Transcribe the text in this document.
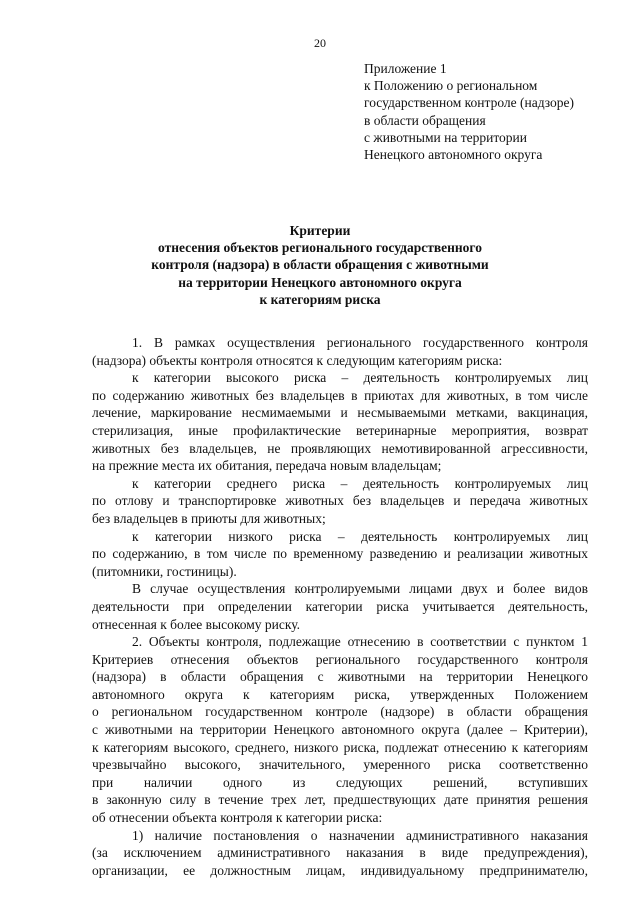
20
Приложение 1
к Положению о региональном
государственном контроле (надзоре)
в области обращения
с животными на территории
Ненецкого автономного округа
Критерии
отнесения объектов регионального государственного
контроля (надзора) в области обращения с животными
на территории Ненецкого автономного округа
к категориям риска
1. В рамках осуществления регионального государственного контроля
(надзора) объекты контроля относятся к следующим категориям риска:
к категории высокого риска – деятельность контролируемых лиц
по содержанию животных без владельцев в приютах для животных, в том числе
лечение, маркирование несмимаемыми и несмываемыми метками, вакцинация,
стерилизация, иные профилактические ветеринарные мероприятия, возврат
животных без владельцев, не проявляющих немотивированной агрессивности,
на прежние места их обитания, передача новым владельцам;
к категории среднего риска – деятельность контролируемых лиц
по отлову и транспортировке животных без владельцев и передача животных
без владельцев в приюты для животных;
к категории низкого риска – деятельность контролируемых лиц
по содержанию, в том числе по временному разведению и реализации животных
(питомники, гостиницы).
В случае осуществления контролируемыми лицами двух и более видов
деятельности при определении категории риска учитывается деятельность,
отнесенная к более высокому риску.
2. Объекты контроля, подлежащие отнесению в соответствии с пунктом 1
Критериев отнесения объектов регионального государственного контроля
(надзора) в области обращения с животными на территории Ненецкого
автономного округа к категориям риска, утвержденных Положением
о региональном государственном контроле (надзоре) в области обращения
с животными на территории Ненецкого автономного округа (далее – Критерии),
к категориям высокого, среднего, низкого риска, подлежат отнесению к категориям
чрезвычайно высокого, значительного, умеренного риска соответственно
при наличии одного из следующих решений, вступивших
в законную силу в течение трех лет, предшествующих дате принятия решения
об отнесении объекта контроля к категории риска:
1) наличие постановления о назначении административного наказания
(за исключением административного наказания в виде предупреждения),
организации, ее должностным лицам, индивидуальному предпринимателю,
